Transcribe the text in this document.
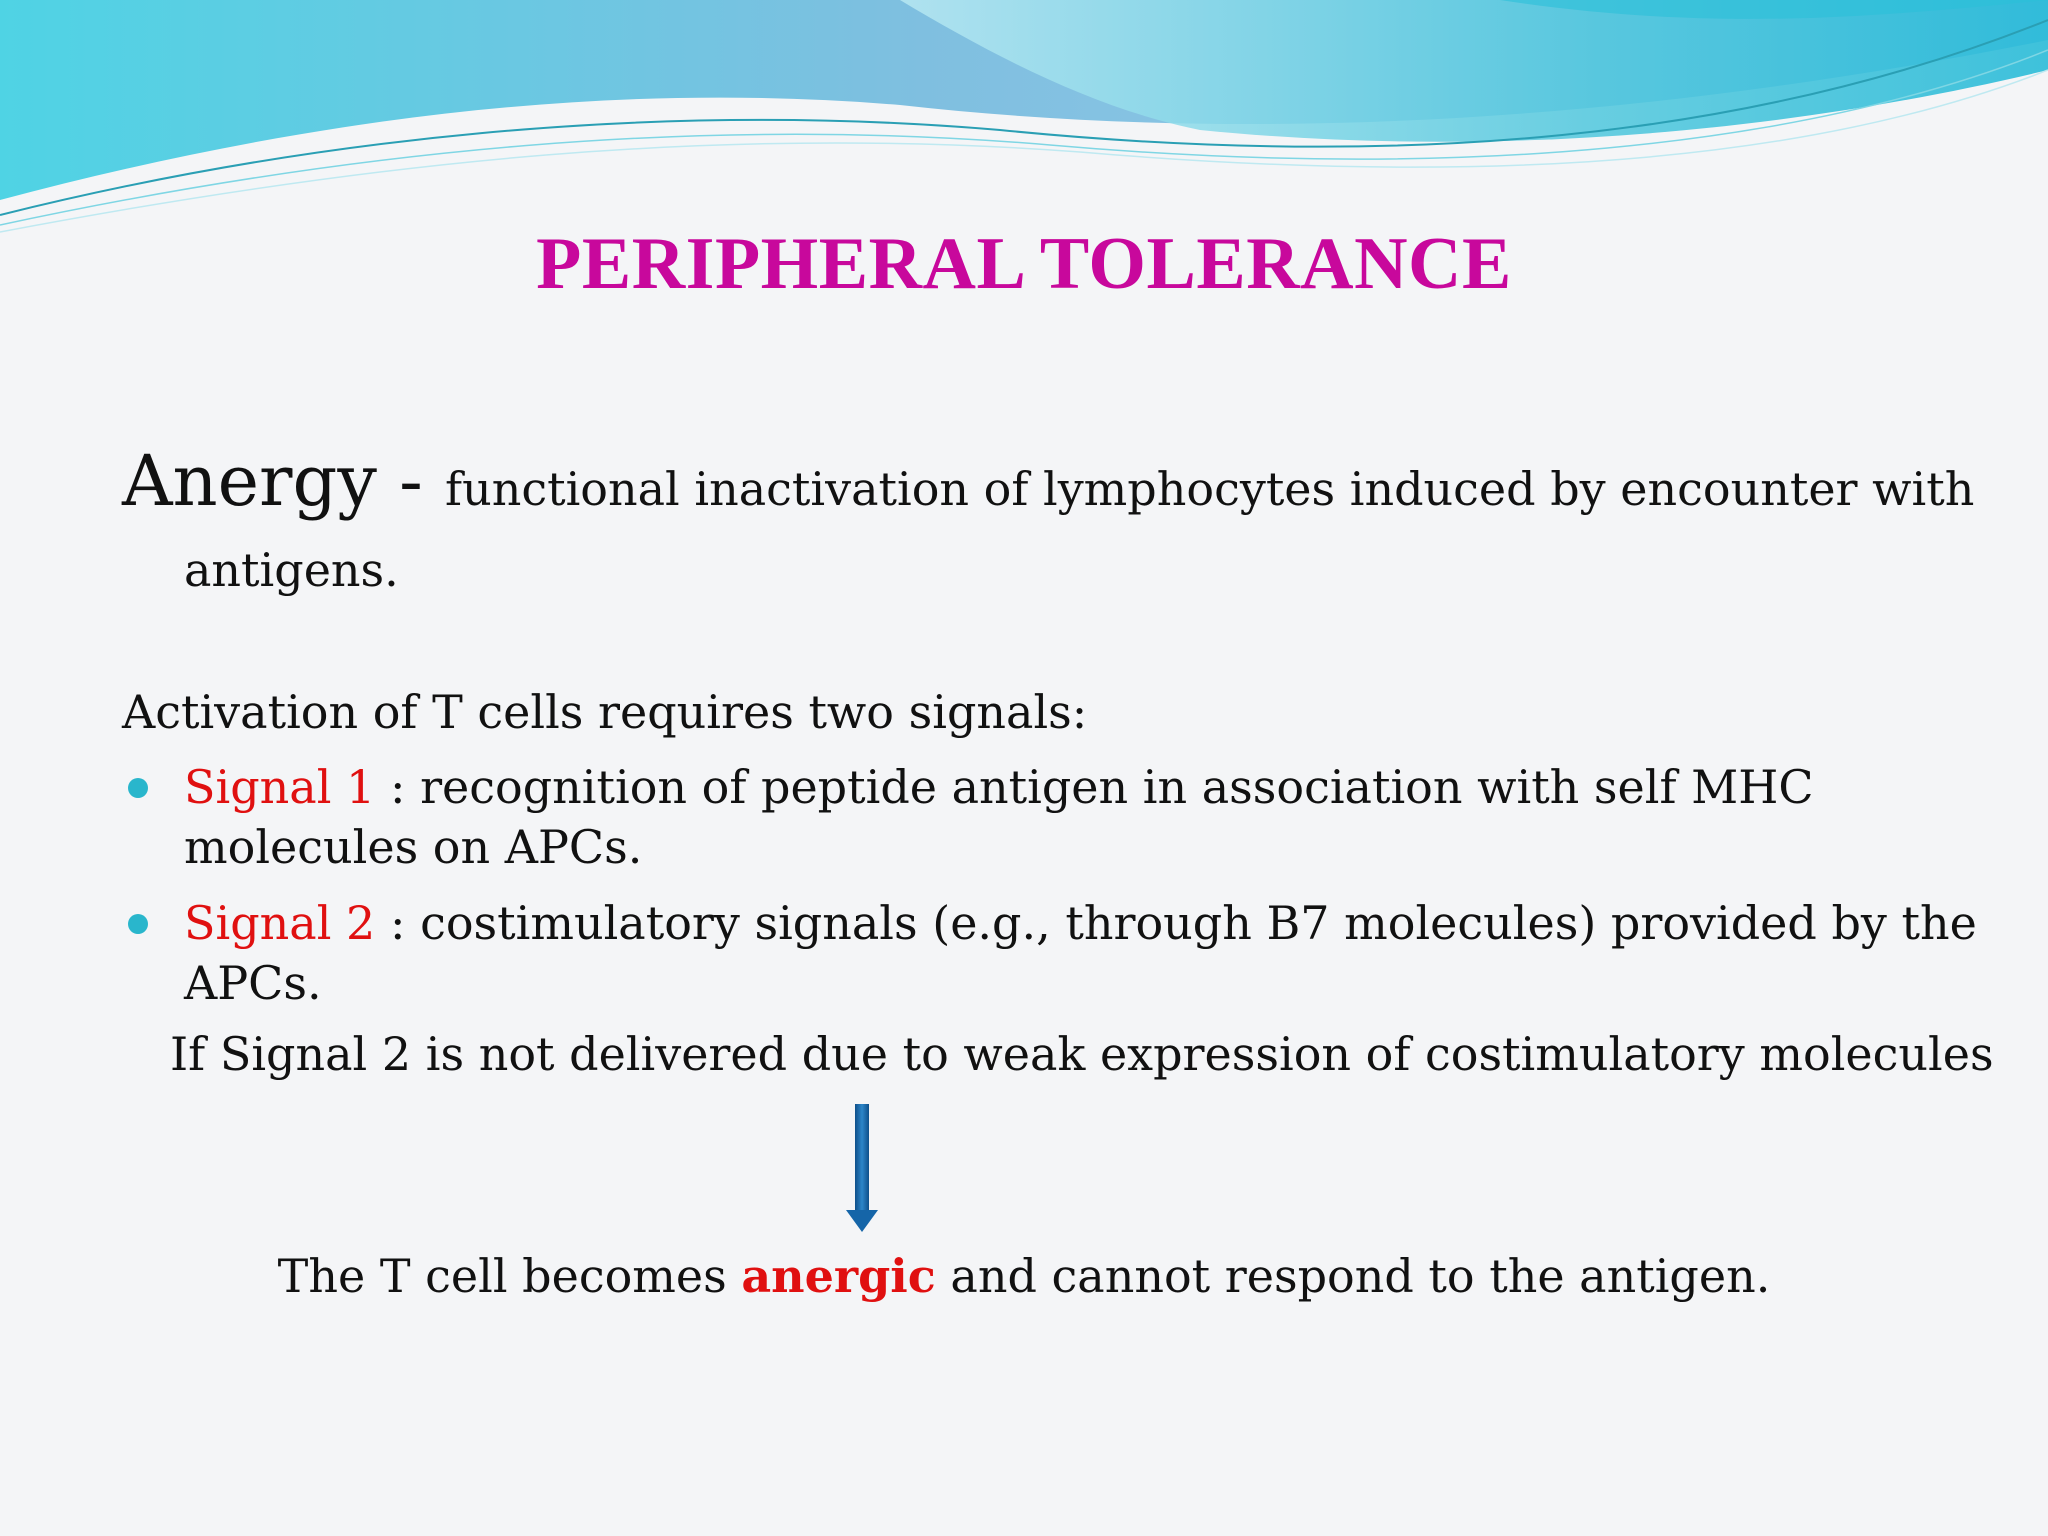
PERIPHERAL TOLERANCE
Anergy - functional inactivation of lymphocytes induced by encounter with
antigens.
Activation of T cells requires two signals:
Signal 1 : recognition of peptide antigen in association with self MHC
molecules on APCs.
Signal 2 : costimulatory signals (e.g., through B7 molecules) provided by the
APCs.
If Signal 2 is not delivered due to weak expression of costimulatory molecules
The T cell becomes anergic and cannot respond to the antigen.
